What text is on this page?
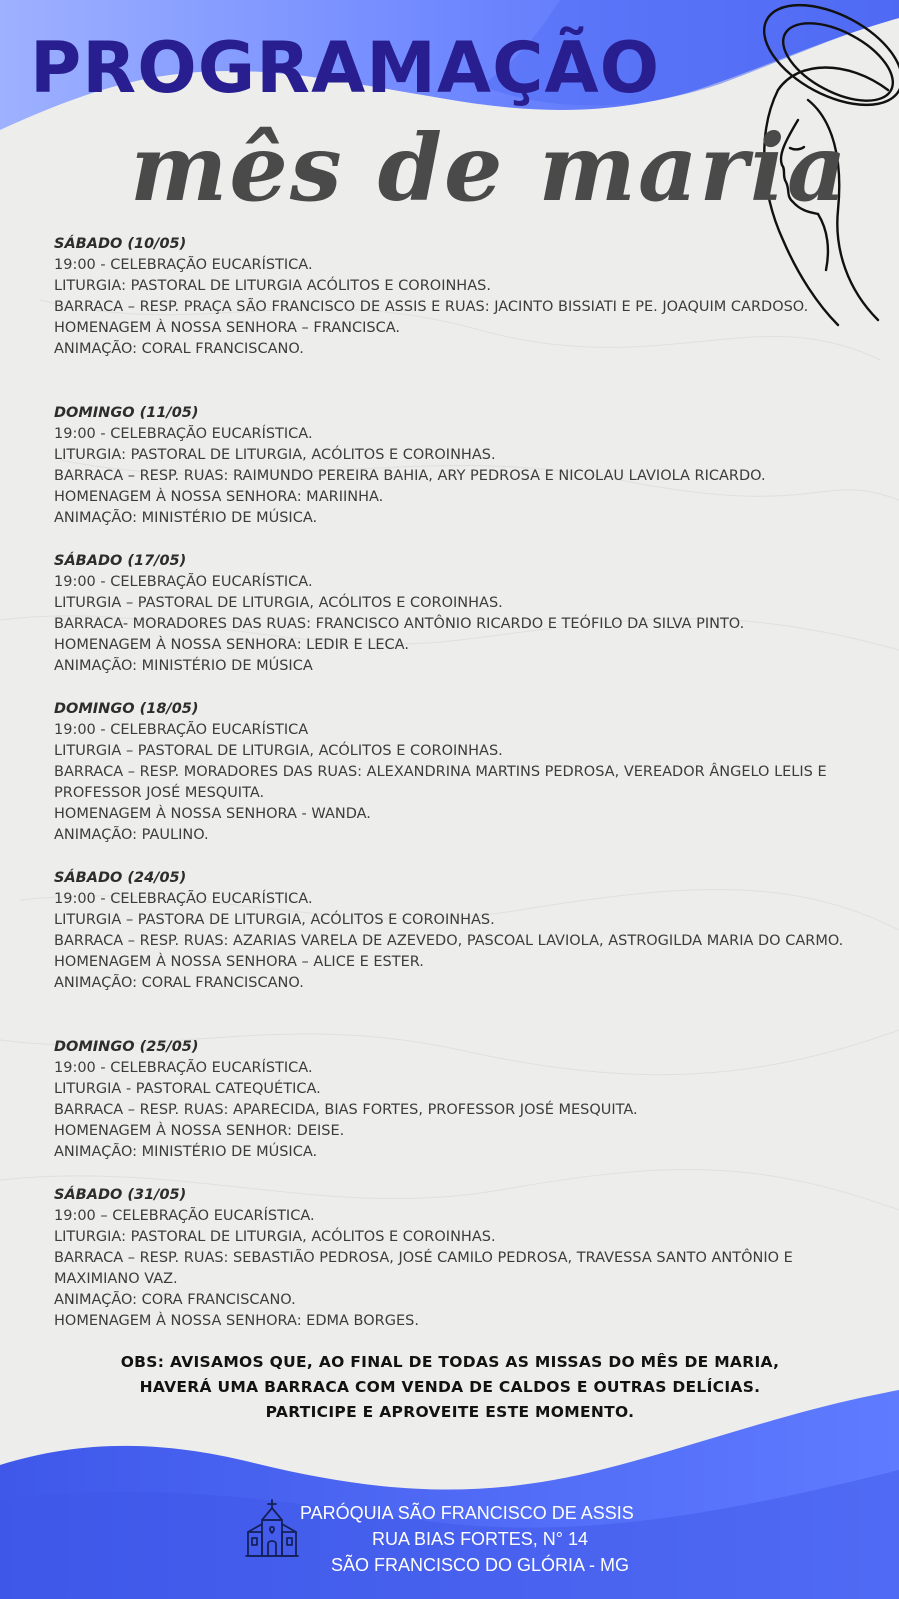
PROGRAMAÇÃO
mês de maria
SÁBADO (10/05)
19:00 - CELEBRAÇÃO EUCARÍSTICA.
LITURGIA: PASTORAL DE LITURGIA ACÓLITOS E COROINHAS.
BARRACA – RESP. PRAÇA SÃO FRANCISCO DE ASSIS E RUAS: JACINTO BISSIATI E PE. JOAQUIM CARDOSO.
HOMENAGEM À NOSSA SENHORA – FRANCISCA.
ANIMAÇÃO: CORAL FRANCISCANO.
DOMINGO (11/05)
19:00 - CELEBRAÇÃO EUCARÍSTICA.
LITURGIA: PASTORAL DE LITURGIA, ACÓLITOS E COROINHAS.
BARRACA – RESP. RUAS: RAIMUNDO PEREIRA BAHIA, ARY PEDROSA E NICOLAU LAVIOLA RICARDO.
HOMENAGEM À NOSSA SENHORA: MARIINHA.
ANIMAÇÃO: MINISTÉRIO DE MÚSICA.
SÁBADO (17/05)
19:00 - CELEBRAÇÃO EUCARÍSTICA.
LITURGIA – PASTORAL DE LITURGIA, ACÓLITOS E COROINHAS.
BARRACA- MORADORES DAS RUAS: FRANCISCO ANTÔNIO RICARDO E TEÓFILO DA SILVA PINTO.
HOMENAGEM À NOSSA SENHORA: LEDIR E LECA.
ANIMAÇÃO: MINISTÉRIO DE MÚSICA
DOMINGO (18/05)
19:00 - CELEBRAÇÃO EUCARÍSTICA
LITURGIA – PASTORAL DE LITURGIA, ACÓLITOS E COROINHAS.
BARRACA – RESP. MORADORES DAS RUAS: ALEXANDRINA MARTINS PEDROSA, VEREADOR ÂNGELO LELIS E PROFESSOR JOSÉ MESQUITA.
HOMENAGEM À NOSSA SENHORA - WANDA.
ANIMAÇÃO: PAULINO.
SÁBADO (24/05)
19:00 - CELEBRAÇÃO EUCARÍSTICA.
LITURGIA – PASTORA DE LITURGIA, ACÓLITOS E COROINHAS.
BARRACA – RESP. RUAS: AZARIAS VARELA DE AZEVEDO, PASCOAL LAVIOLA, ASTROGILDA MARIA DO CARMO.
HOMENAGEM À NOSSA SENHORA – ALICE E ESTER.
ANIMAÇÃO: CORAL FRANCISCANO.
DOMINGO (25/05)
19:00 - CELEBRAÇÃO EUCARÍSTICA.
LITURGIA - PASTORAL CATEQUÉTICA.
BARRACA – RESP. RUAS: APARECIDA, BIAS FORTES, PROFESSOR JOSÉ MESQUITA.
HOMENAGEM À NOSSA SENHOR: DEISE.
ANIMAÇÃO: MINISTÉRIO DE MÚSICA.
SÁBADO (31/05)
19:00 – CELEBRAÇÃO EUCARÍSTICA.
LITURGIA: PASTORAL DE LITURGIA, ACÓLITOS E COROINHAS.
BARRACA – RESP. RUAS: SEBASTIÃO PEDROSA, JOSÉ CAMILO PEDROSA, TRAVESSA SANTO ANTÔNIO E MAXIMIANO VAZ.
ANIMAÇÃO: CORA FRANCISCANO.
HOMENAGEM À NOSSA SENHORA: EDMA BORGES.
OBS: AVISAMOS QUE, AO FINAL DE TODAS AS MISSAS DO MÊS DE MARIA,
HAVERÁ UMA BARRACA COM VENDA DE CALDOS E OUTRAS DELÍCIAS.
PARTICIPE E APROVEITE ESTE MOMENTO.
PARÓQUIA SÃO FRANCISCO DE ASSIS
RUA BIAS FORTES, N° 14
SÃO FRANCISCO DO GLÓRIA - MG
